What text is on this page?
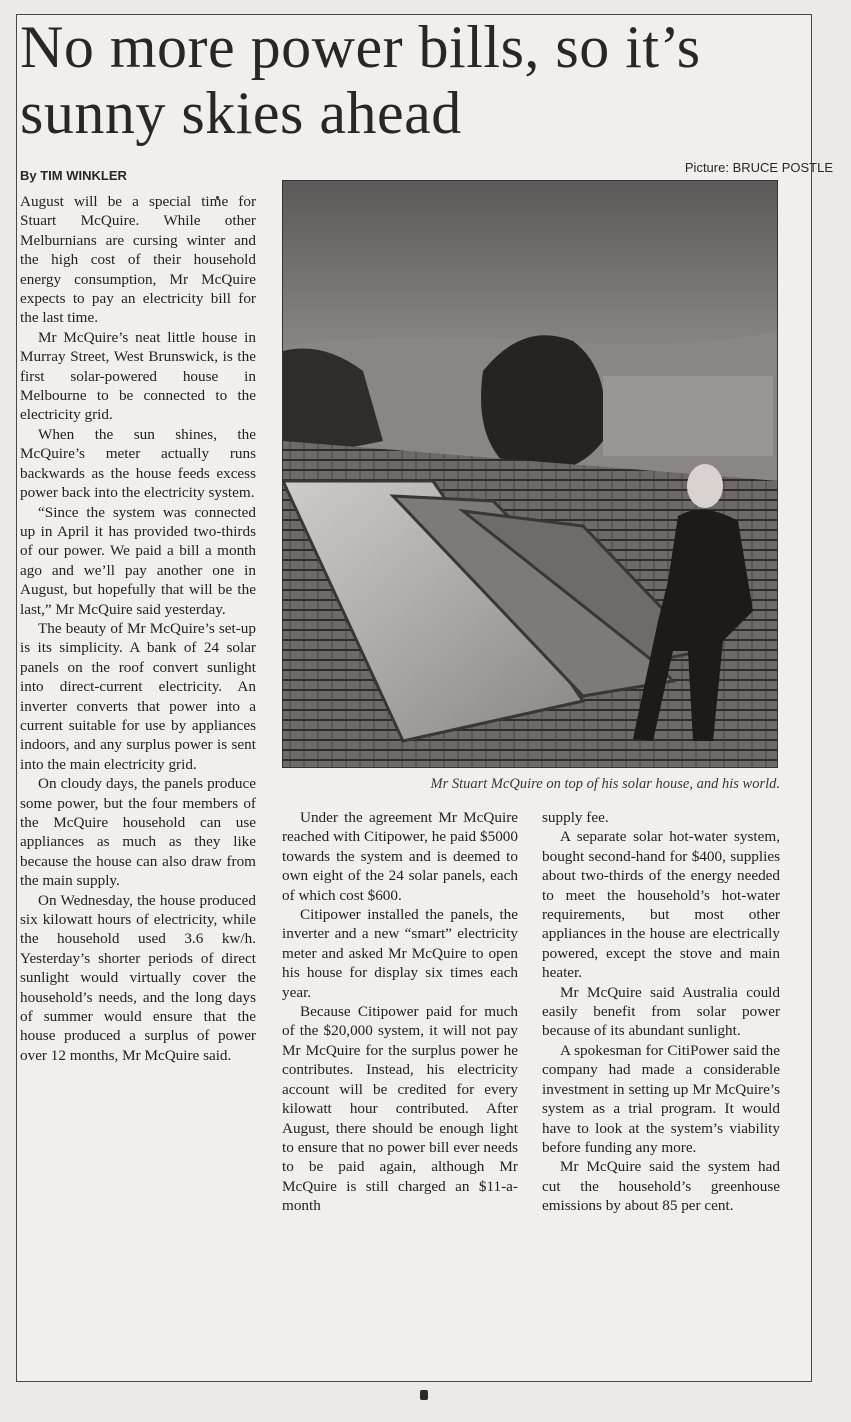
No more power bills, so it’s sunny skies ahead
By TIM WINKLER
Picture: BRUCE POSTLE

August will be a special time for Stuart McQuire. While other Melburnians are cursing winter and the high cost of their household energy consumption, Mr McQuire expects to pay an electricity bill for the last time.

Mr McQuire’s neat little house in Murray Street, West Brunswick, is the first solar-powered house in Melbourne to be connected to the electricity grid.

When the sun shines, the McQuire’s meter actually runs backwards as the house feeds excess power back into the electricity system.

“Since the system was connected up in April it has provided two-thirds of our power. We paid a bill a month ago and we’ll pay another one in August, but hopefully that will be the last,” Mr McQuire said yesterday.

The beauty of Mr McQuire’s set-up is its simplicity. A bank of 24 solar panels on the roof convert sunlight into direct-current electricity. An inverter converts that power into a current suitable for use by appliances indoors, and any surplus power is sent into the main electricity grid.

On cloudy days, the panels produce some power, but the four members of the McQuire household can use appliances as much as they like because the house can also draw from the main supply.

On Wednesday, the house produced six kilowatt hours of electricity, while the household used 3.6 kw/h. Yesterday’s shorter periods of direct sunlight would virtually cover the household’s needs, and the long days of summer would ensure that the house produced a surplus of power over 12 months, Mr McQuire said.

Mr Stuart McQuire on top of his solar house, and his world.

Under the agreement Mr McQuire reached with Citipower, he paid $5000 towards the system and is deemed to own eight of the 24 solar panels, each of which cost $600.

Citipower installed the panels, the inverter and a new “smart” electricity meter and asked Mr McQuire to open his house for display six times each year.

Because Citipower paid for much of the $20,000 system, it will not pay Mr McQuire for the surplus power he contributes. Instead, his electricity account will be credited for every kilowatt hour contributed. After August, there should be enough light to ensure that no power bill ever needs to be paid again, although Mr McQuire is still charged an $11-a-month

supply fee.

A separate solar hot-water system, bought second-hand for $400, supplies about two-thirds of the energy needed to meet the household’s hot-water requirements, but most other appliances in the house are electrically powered, except the stove and main heater.

Mr McQuire said Australia could easily benefit from solar power because of its abundant sunlight.

A spokesman for CitiPower said the company had made a considerable investment in setting up Mr McQuire’s system as a trial program. It would have to look at the system’s viability before funding any more.

Mr McQuire said the system had cut the household’s greenhouse emissions by about 85 per cent.
